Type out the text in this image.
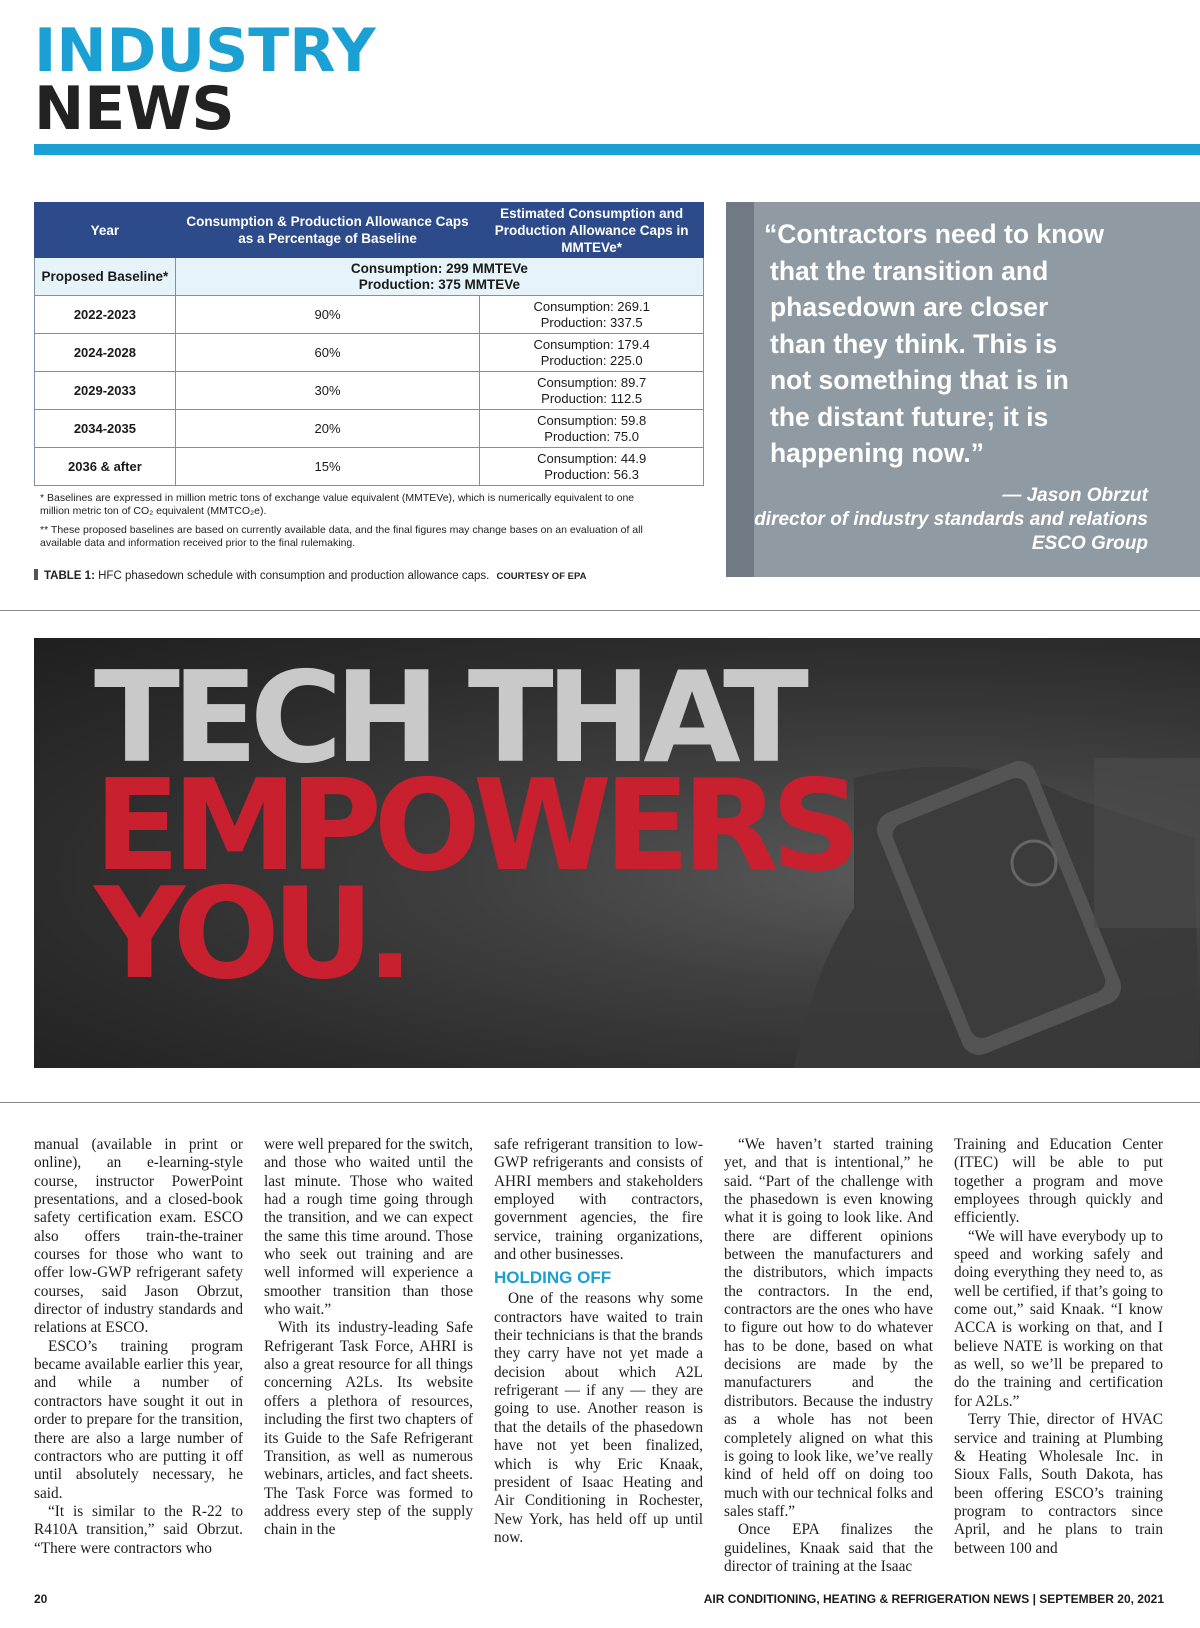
INDUSTRY
NEWS
Year	Consumption & Production Allowance Caps as a Percentage of Baseline	Estimated Consumption and Production Allowance Caps in MMTEVe*
Proposed Baseline*	Consumption: 299 MMTEVe
Production: 375 MMTEVe	

2022-2023	90%	Consumption: 269.1
Production: 337.5

2024-2028	60%	Consumption: 179.4
Production: 225.0

2029-2033	30%	Consumption: 89.7
Production: 112.5

2034-2035	20%	Consumption: 59.8
Production: 75.0

2036 & after	15%	Consumption: 44.9
Production: 56.3

* Baselines are expressed in million metric tons of exchange value equivalent (MMTEVe), which is numerically equivalent to one million metric ton of CO₂ equivalent (MMTCO₂e).

** These proposed baselines are based on currently available data, and the final figures may change bases on an evaluation of all available data and information received prior to the final rulemaking.

TABLE 1: HFC phasedown schedule with consumption and production allowance caps. COURTESY OF EPA
“Contractors need to know
that the transition and
phasedown are closer
than they think. This is
not something that is in
the distant future; it is
happening now.”
— Jason Obrzut
director of industry standards and relations
ESCO Group
TECH THAT
EMPOWERS
YOU.

manual (available in print or online), an e-learning-style course, instructor PowerPoint presentations, and a closed-book safety certification exam. ESCO also offers train-the-trainer courses for those who want to offer low-GWP refrigerant safety courses, said Jason Obrzut, director of industry standards and relations at ESCO.

ESCO’s training program became available earlier this year, and while a number of contractors have sought it out in order to prepare for the transition, there are also a large number of contractors who are putting it off until absolutely necessary, he said.

“It is similar to the R-22 to R410A transition,” said Obrzut. “There were contractors who

were well prepared for the switch, and those who waited until the last minute. Those who waited had a rough time going through the transition, and we can expect the same this time around. Those who seek out training and are well informed will experience a smoother transition than those who wait.”

With its industry-leading Safe Refrigerant Task Force, AHRI is also a great resource for all things concerning A2Ls. Its website offers a plethora of resources, including the first two chapters of its Guide to the Safe Refrigerant Transition, as well as numerous webinars, articles, and fact sheets. The Task Force was formed to address every step of the supply chain in the

safe refrigerant transition to low-GWP refrigerants and consists of AHRI members and stakeholders employed with contractors, government agencies, the fire service, training organizations, and other businesses.

HOLDING OFF

One of the reasons why some contractors have waited to train their technicians is that the brands they carry have not yet made a decision about which A2L refrigerant — if any — they are going to use. Another reason is that the details of the phasedown have not yet been finalized, which is why Eric Knaak, president of Isaac Heating and Air Conditioning in Rochester, New York, has held off up until now.

“We haven’t started training yet, and that is intentional,” he said. “Part of the challenge with the phasedown is even knowing what it is going to look like. And there are different opinions between the manufacturers and the distributors, which impacts the contractors. In the end, contractors are the ones who have to figure out how to do whatever has to be done, based on what decisions are made by the manufacturers and the distributors. Because the industry as a whole has not been completely aligned on what this is going to look like, we’ve really kind of held off on doing too much with our technical folks and sales staff.”

Once EPA finalizes the guidelines, Knaak said that the director of training at the Isaac

Training and Education Center (ITEC) will be able to put together a program and move employees through quickly and efficiently.

“We will have everybody up to speed and working safely and doing everything they need to, as well be certified, if that’s going to come out,” said Knaak. “I know ACCA is working on that, and I believe NATE is working on that as well, so we’ll be prepared to do the training and certification for A2Ls.”

Terry Thie, director of HVAC service and training at Plumbing & Heating Wholesale Inc. in Sioux Falls, South Dakota, has been offering ESCO’s training program to contractors since April, and he plans to train between 100 and

20	AIR CONDITIONING, HEATING & REFRIGERATION NEWS | SEPTEMBER 20, 2021
